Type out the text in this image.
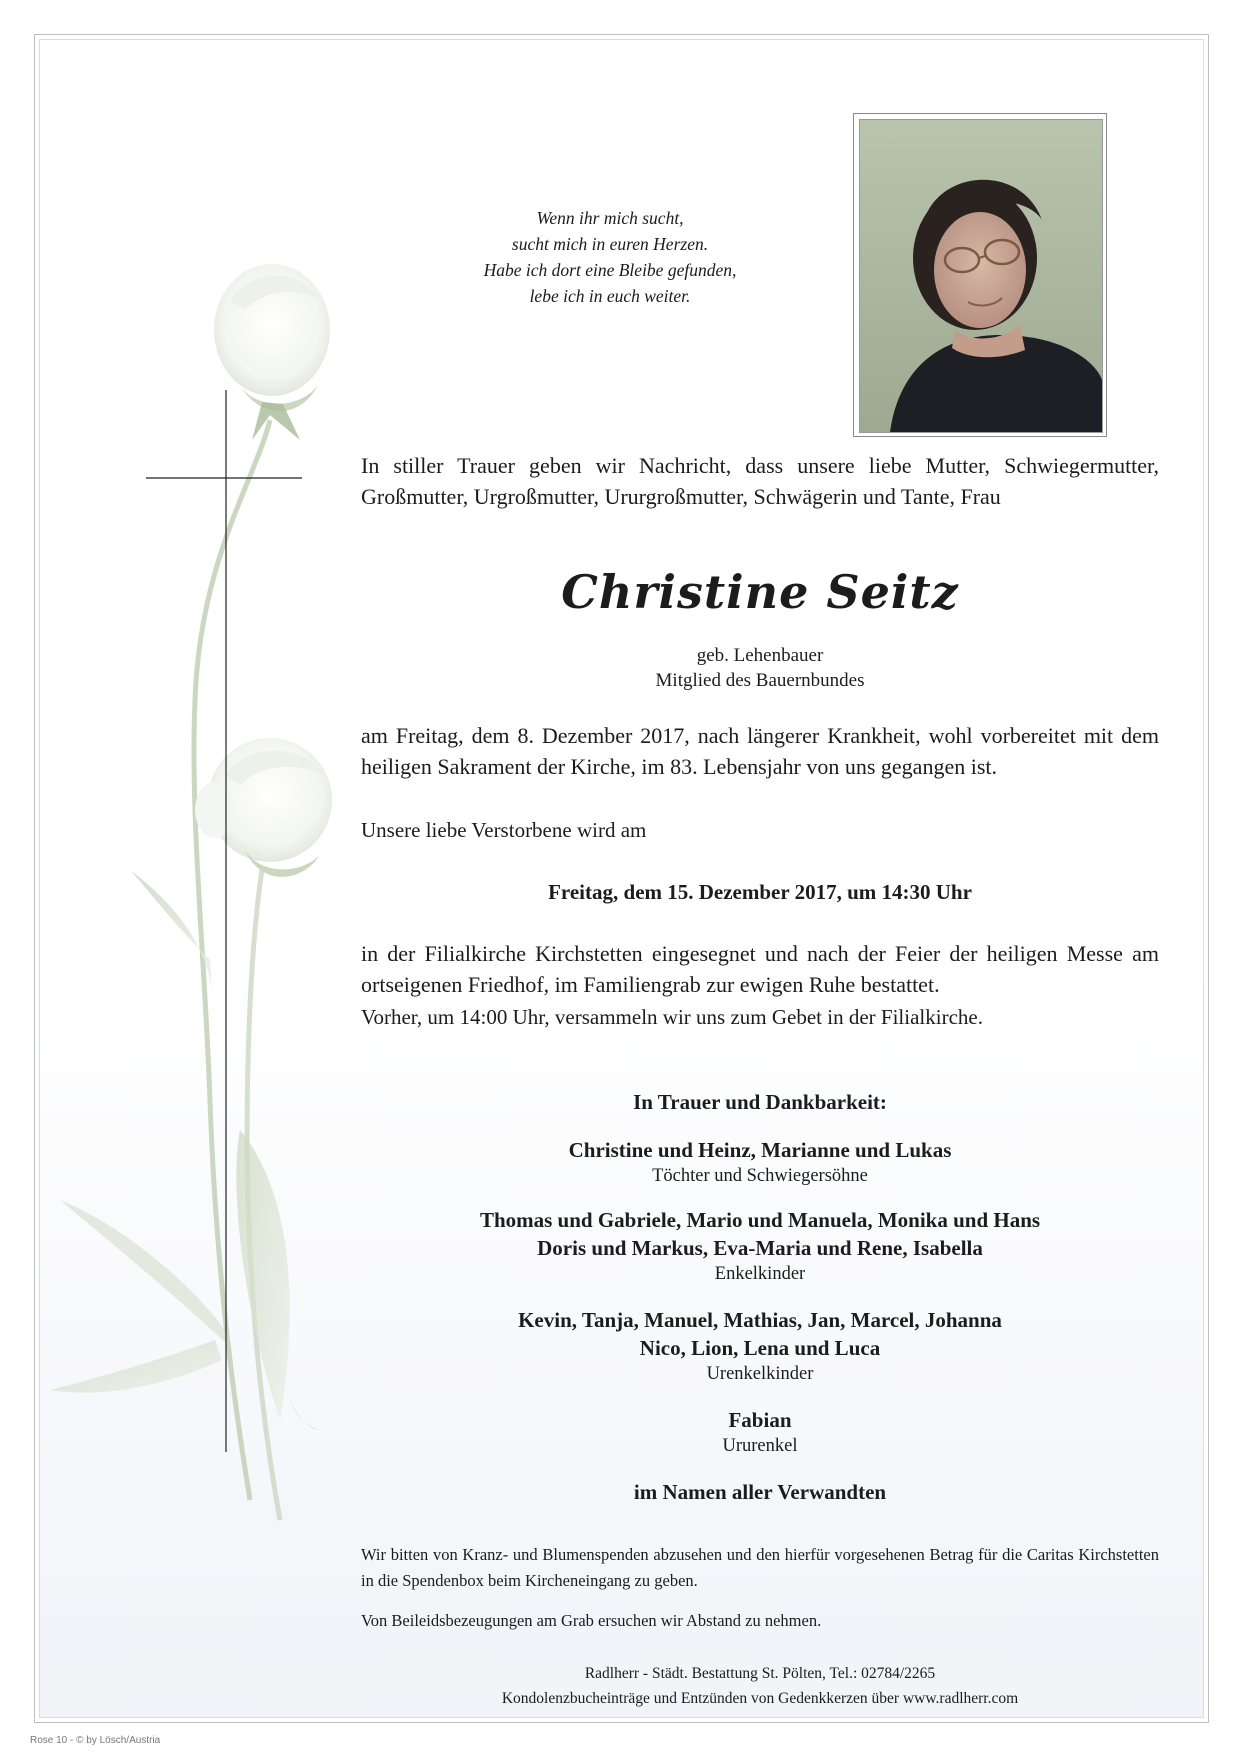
Wenn ihr mich sucht,
sucht mich in euren Herzen.
Habe ich dort eine Bleibe gefunden,
lebe ich in euch weiter.
In stiller Trauer geben wir Nachricht, dass unsere liebe Mutter, Schwiegermutter, Großmutter, Urgroßmutter, Ururgroßmutter, Schwägerin und Tante, Frau
Christine Seitz
geb. Lehenbauer
Mitglied des Bauernbundes
am Freitag, dem 8. Dezember 2017, nach längerer Krankheit, wohl vorbereitet mit dem heiligen Sakrament der Kirche, im 83. Lebensjahr von uns gegangen ist.
Unsere liebe Verstorbene wird am
Freitag, dem 15. Dezember 2017, um 14:30 Uhr
in der Filialkirche Kirchstetten eingesegnet und nach der Feier der heiligen Messe am ortseigenen Friedhof, im Familiengrab zur ewigen Ruhe bestattet.
Vorher, um 14:00 Uhr, versammeln wir uns zum Gebet in der Filialkirche.
In Trauer und Dankbarkeit:
Christine und Heinz, Marianne und Lukas
Töchter und Schwiegersöhne
Thomas und Gabriele, Mario und Manuela, Monika und Hans
Doris und Markus, Eva-Maria und Rene, Isabella
Enkelkinder
Kevin, Tanja, Manuel, Mathias, Jan, Marcel, Johanna
Nico, Lion, Lena und Luca
Urenkelkinder
Fabian
Ururenkel
im Namen aller Verwandten
Wir bitten von Kranz- und Blumenspenden abzusehen und den hierfür vorgesehenen Betrag für die Caritas Kirchstetten in die Spendenbox beim Kircheneingang zu geben.
Von Beileidsbezeugungen am Grab ersuchen wir Abstand zu nehmen.
Radlherr - Städt. Bestattung St. Pölten, Tel.: 02784/2265
Kondolenzbucheinträge und Entzünden von Gedenkkerzen über www.radlherr.com
Rose 10 - © by Lösch/Austria
